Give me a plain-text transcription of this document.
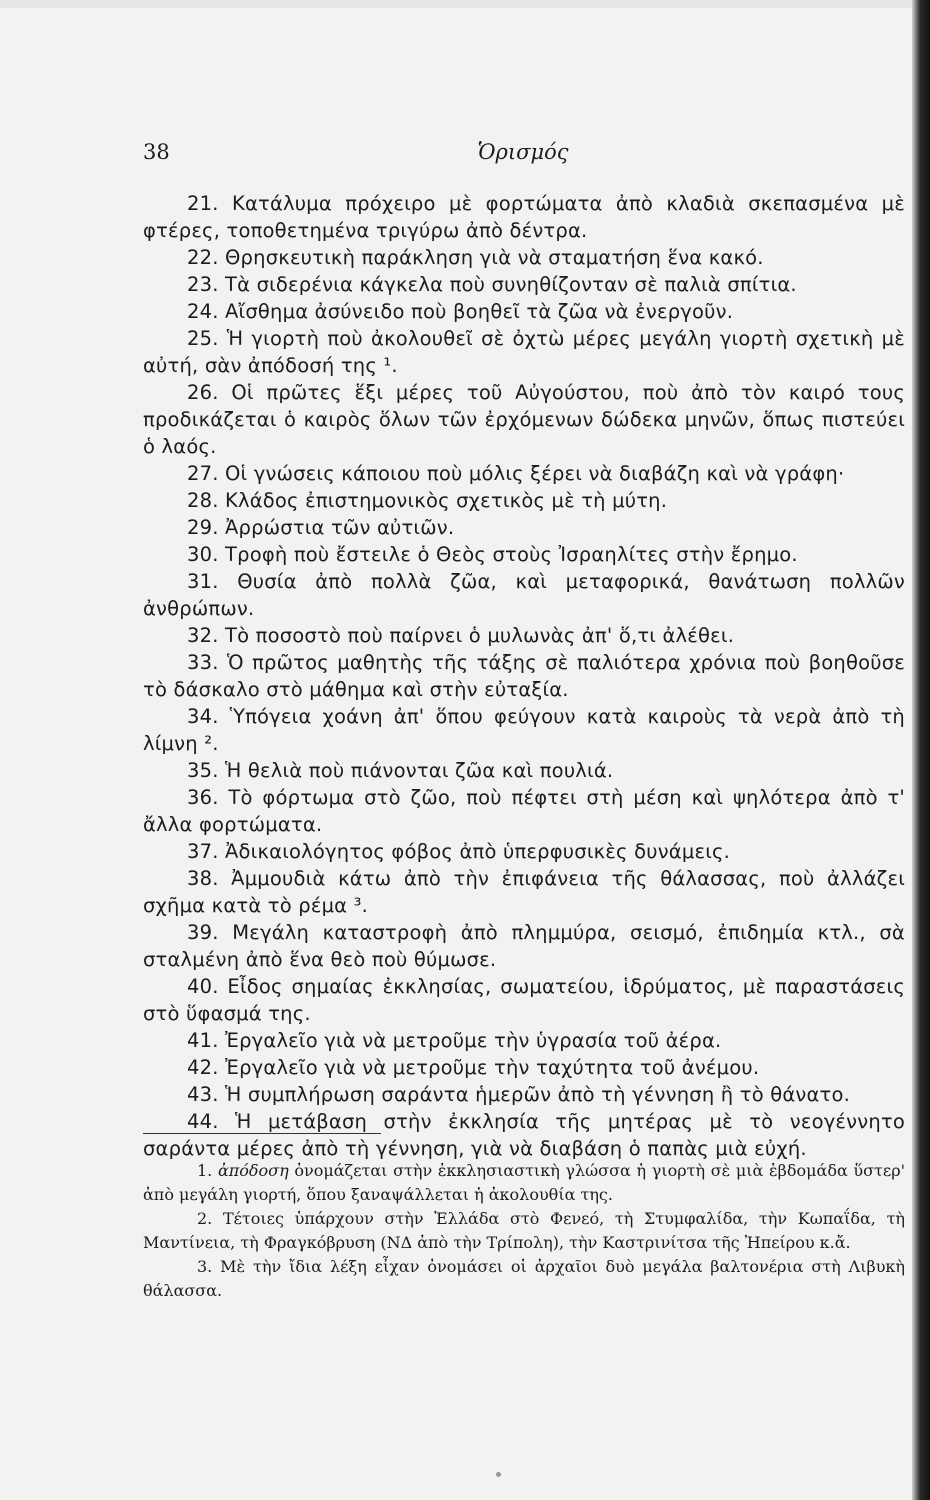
38	Ὁρισμός

21. Κατάλυμα πρόχειρο μὲ φορτώματα ἀπὸ κλαδιὰ σκεπασμένα μὲ φτέρες, τοποθετημένα τριγύρω ἀπὸ δέντρα.

22. Θρησκευτικὴ παράκληση γιὰ νὰ σταματήση ἕνα κακό.

23. Τὰ σιδερένια κάγκελα ποὺ συνηθίζονταν σὲ παλιὰ σπίτια.

24. Αἴσθημα ἀσύνειδο ποὺ βοηθεῖ τὰ ζῶα νὰ ἐνεργοῦν.

25. Ἡ γιορτὴ ποὺ ἀκολουθεῖ σὲ ὀχτὼ μέρες μεγάλη γιορτὴ σχετικὴ μὲ αὐτή, σὰν ἀπόδοσή της ¹.

26. Οἱ πρῶτες ἕξι μέρες τοῦ Αὐγούστου, ποὺ ἀπὸ τὸν καιρό τους προδικάζεται ὁ καιρὸς ὅλων τῶν ἐρχόμενων δώδεκα μηνῶν, ὅπως πιστεύει ὁ λαός.

27. Οἱ γνώσεις κάποιου ποὺ μόλις ξέρει νὰ διαβάζη καὶ νὰ γράφη·

28. Κλάδος ἐπιστημονικὸς σχετικὸς μὲ τὴ μύτη.

29. Ἀρρώστια τῶν αὐτιῶν.

30. Τροφὴ ποὺ ἔστειλε ὁ Θεὸς στοὺς Ἰσραηλίτες στὴν ἔρημο.

31. Θυσία ἀπὸ πολλὰ ζῶα, καὶ μεταφορικά, θανάτωση πολλῶν ἀνθρώπων.

32. Τὸ ποσοστὸ ποὺ παίρνει ὁ μυλωνὰς ἀπ' ὅ,τι ἀλέθει.

33. Ὁ πρῶτος μαθητὴς τῆς τάξης σὲ παλιότερα χρόνια ποὺ βοηθοῦσε τὸ δάσκαλο στὸ μάθημα καὶ στὴν εὐταξία.

34. Ὑπόγεια χοάνη ἀπ' ὅπου φεύγουν κατὰ καιροὺς τὰ νερὰ ἀπὸ τὴ λίμνη ².

35. Ἡ θελιὰ ποὺ πιάνονται ζῶα καὶ πουλιά.

36. Τὸ φόρτωμα στὸ ζῶο, ποὺ πέφτει στὴ μέση καὶ ψηλότερα ἀπὸ τ' ἄλλα φορτώματα.

37. Ἀδικαιολόγητος φόβος ἀπὸ ὑπερφυσικὲς δυνάμεις.

38. Ἀμμουδιὰ κάτω ἀπὸ τὴν ἐπιφάνεια τῆς θάλασσας, ποὺ ἀλλάζει σχῆμα κατὰ τὸ ρέμα ³.

39. Μεγάλη καταστροφὴ ἀπὸ πλημμύρα, σεισμό, ἐπιδημία κτλ., σὰ σταλμένη ἀπὸ ἕνα θεὸ ποὺ θύμωσε.

40. Εἶδος σημαίας ἐκκλησίας, σωματείου, ἱδρύματος, μὲ παραστάσεις στὸ ὕφασμά της.

41. Ἐργαλεῖο γιὰ νὰ μετροῦμε τὴν ὑγρασία τοῦ ἀέρα.

42. Ἐργαλεῖο γιὰ νὰ μετροῦμε τὴν ταχύτητα τοῦ ἀνέμου.

43. Ἡ συμπλήρωση σαράντα ἡμερῶν ἀπὸ τὴ γέννηση ἢ τὸ θάνατο.

44. Ἡ μετάβαση στὴν ἐκκλησία τῆς μητέρας μὲ τὸ νεογέννητο σαράντα μέρες ἀπὸ τὴ γέννηση, γιὰ νὰ διαβάση ὁ παπὰς μιὰ εὐχή.

1. ἀπόδοση ὀνομάζεται στὴν ἐκκλησιαστικὴ γλώσσα ἡ γιορτὴ σὲ μιὰ ἑβδομάδα ὕστερ' ἀπὸ μεγάλη γιορτή, ὅπου ξαναψάλλεται ἡ ἀκολουθία της.

2. Τέτοιες ὑπάρχουν στὴν Ἑλλάδα στὸ Φενεό, τὴ Στυμφαλίδα, τὴν Κωπαΐδα, τὴ Μαντίνεια, τὴ Φραγκόβρυση (ΝΔ ἀπὸ τὴν Τρίπολη), τὴν Καστρινίτσα τῆς Ἠπείρου κ.ἄ.

3. Μὲ τὴν ἴδια λέξη εἶχαν ὀνομάσει οἱ ἀρχαῖοι δυὸ μεγάλα βαλτονέρια στὴ Λιβυκὴ θάλασσα.
